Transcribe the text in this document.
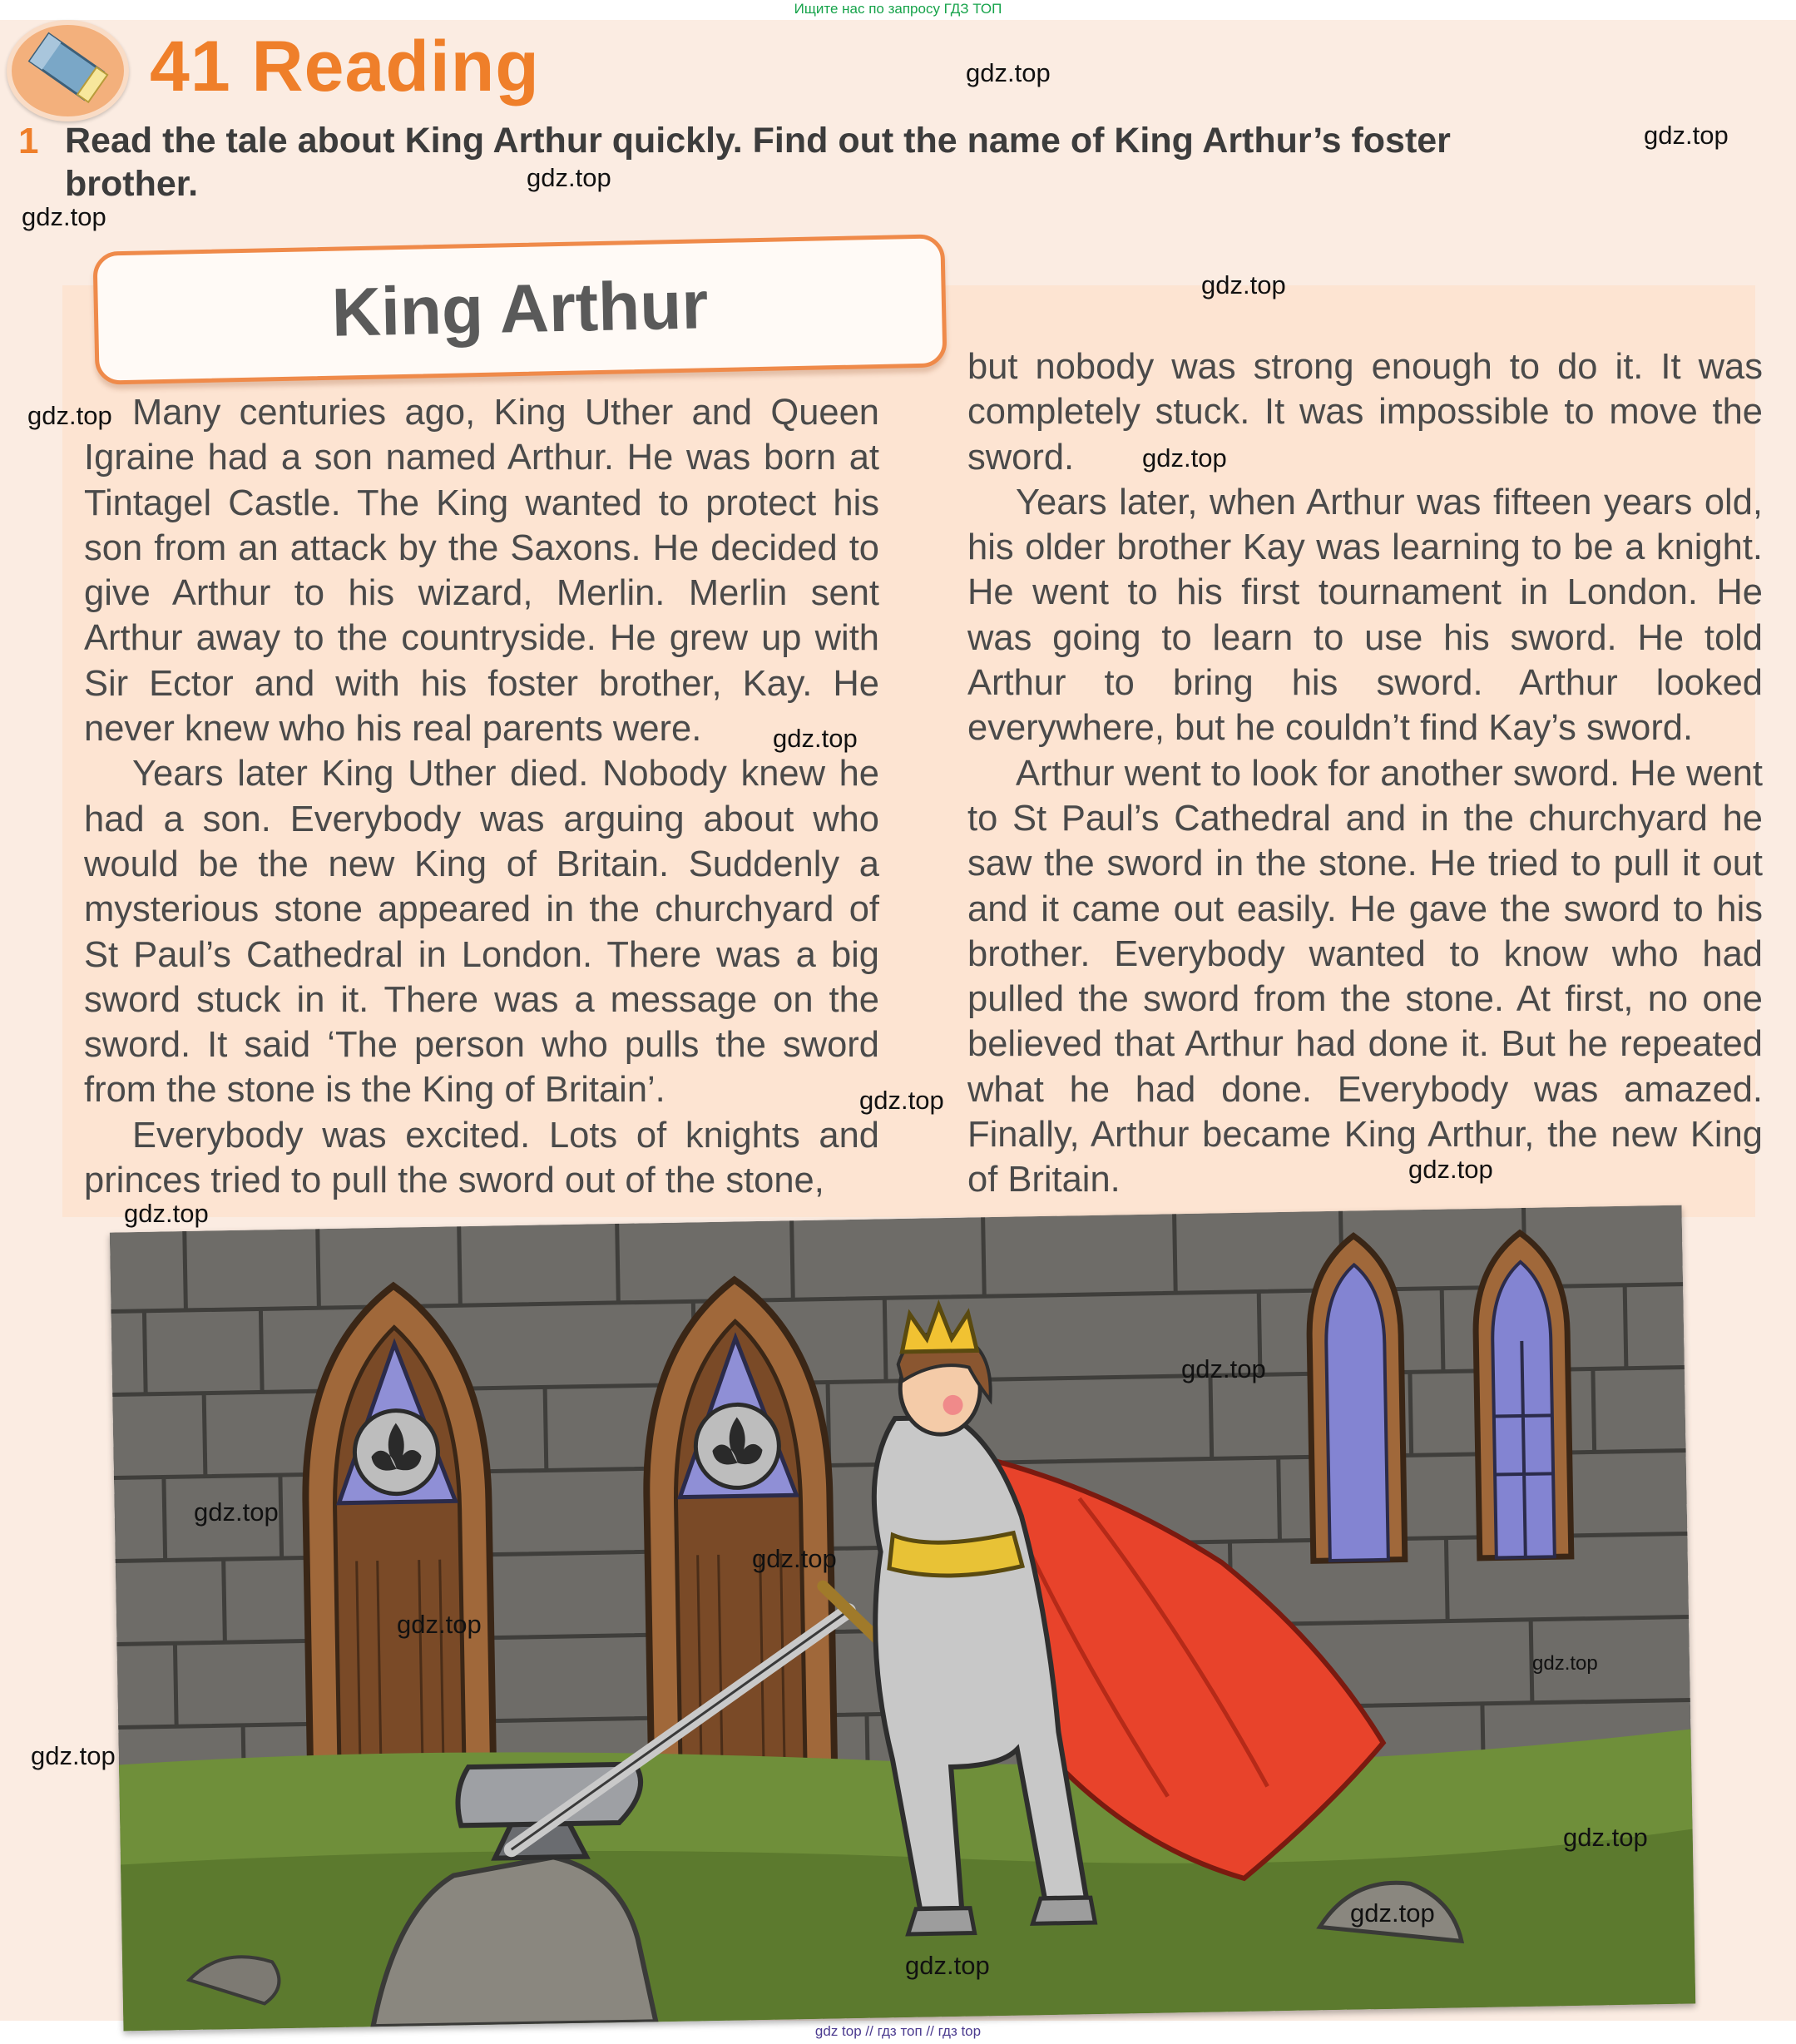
Ищите нас по запросу ГДЗ ТОП
41 Reading
1 Read the tale about King Arthur quickly. Find out the name of King Arthur’s foster brother.
King Arthur

Many centuries ago, King Uther and Queen Igraine had a son named Arthur. He was born at Tintagel Castle. The King wanted to protect his son from an attack by the Saxons. He decided to give Arthur to his wizard, Merlin. Merlin sent Arthur away to the countryside. He grew up with Sir Ector and with his foster brother, Kay. He never knew who his real parents were.

Years later King Uther died. Nobody knew he had a son. Everybody was arguing about who would be the new King of Britain. Suddenly a mysterious stone appeared in the churchyard of St Paul’s Cathedral in London. There was a big sword stuck in it. There was a message on the sword. It said ‘The person who pulls the sword from the stone is the King of Britain’.

Everybody was excited. Lots of knights and princes tried to pull the sword out of the stone,

but nobody was strong enough to do it. It was completely stuck. It was impossible to move the sword.

Years later, when Arthur was fifteen years old, his older brother Kay was learning to be a knight. He went to his first tournament in London. He was going to learn to use his sword. He told Arthur to bring his sword. Arthur looked everywhere, but he couldn’t find Kay’s sword.

Arthur went to look for another sword. He went to St Paul’s Cathedral and in the churchyard he saw the sword in the stone. He tried to pull it out and it came out easily. He gave the sword to his brother. Everybody wanted to know who had pulled the sword from the stone. At first, no one believed that Arthur had done it. But he repeated what he had done. Everybody was amazed. Finally, Arthur became King Arthur, the new King of Britain.

gdz.top
gdz.top
gdz.top
gdz.top
gdz.top
gdz.top
gdz.top
gdz.top
gdz.top
gdz.top
gdz.top
gdz.top
gdz.top
gdz.top
gdz.top
gdz.top
gdz.top
gdz.top
gdz.top
gdz.top
gdz top // гдз топ // гдз top
